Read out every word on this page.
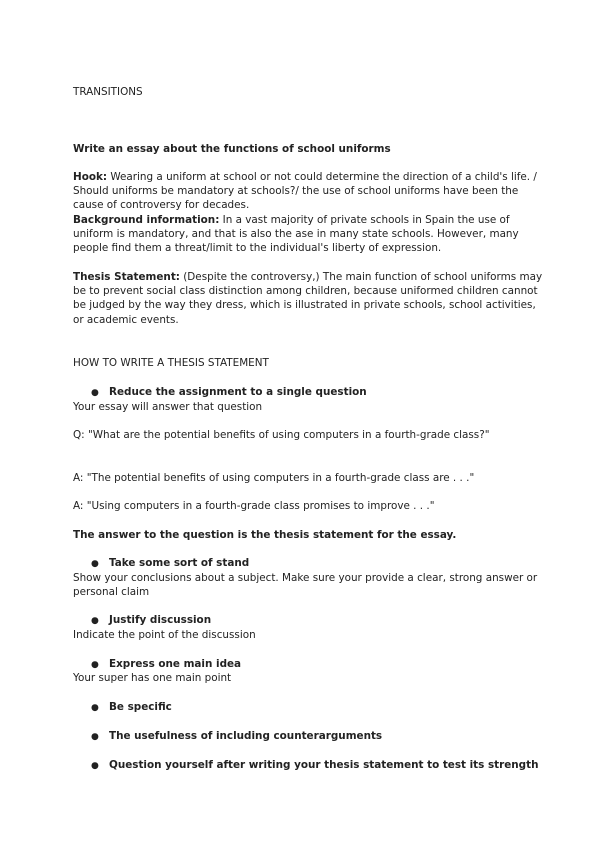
TRANSITIONS

Write an essay about the functions of school uniforms

Hook: Wearing a uniform at school or not could determine the direction of a child's life. / Should uniforms be mandatory at schools?/ the use of school uniforms have been the cause of controversy for decades.

Background information: In a vast majority of private schools in Spain the use of uniform is mandatory, and that is also the ase in many state schools. However, many people find them a threat/limit to the individual's liberty of expression.

Thesis Statement: (Despite the controversy,) The main function of school uniforms may be to prevent social class distinction among children, because uniformed children cannot be judged by the way they dress, which is illustrated in private schools, school activities, or academic events.

HOW TO WRITE A THESIS STATEMENT

● Reduce the assignment to a single question

Your essay will answer that question

Q: "What are the potential benefits of using computers in a fourth-grade class?"

A: "The potential benefits of using computers in a fourth-grade class are . . ."

A: "Using computers in a fourth-grade class promises to improve . . ."

The answer to the question is the thesis statement for the essay.

● Take some sort of stand

Show your conclusions about a subject. Make sure your provide a clear, strong answer or personal claim

● Justify discussion

Indicate the point of the discussion

● Express one main idea

Your super has one main point

● Be specific
● The usefulness of including counterarguments
● Question yourself after writing your thesis statement to test its strength
